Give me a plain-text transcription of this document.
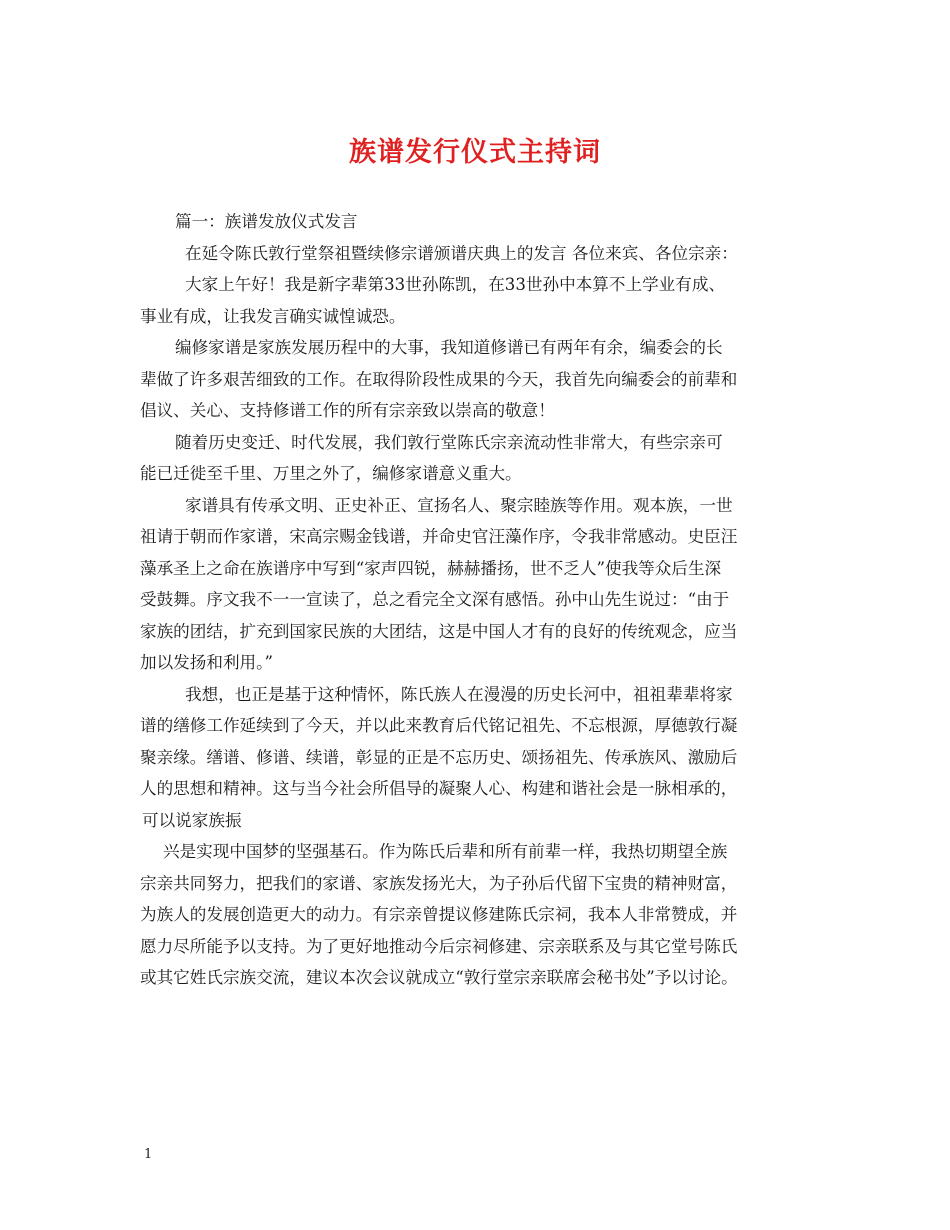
族谱发行仪式主持词
篇一：族谱发放仪式发言
在延令陈氏敦行堂祭祖暨续修宗谱颁谱庆典上的发言 各位来宾、各位宗亲：
大家上午好！我是新字辈第33世孙陈凯，在33世孙中本算不上学业有成、
事业有成，让我发言确实诚惶诚恐。
编修家谱是家族发展历程中的大事，我知道修谱已有两年有余，编委会的长
辈做了许多艰苦细致的工作。在取得阶段性成果的今天，我首先向编委会的前辈和
倡议、关心、支持修谱工作的所有宗亲致以崇高的敬意！
随着历史变迁、时代发展，我们敦行堂陈氏宗亲流动性非常大，有些宗亲可
能已迁徙至千里、万里之外了，编修家谱意义重大。
家谱具有传承文明、正史补正、宣扬名人、聚宗睦族等作用。观本族，一世
祖请于朝而作家谱，宋高宗赐金钱谱，并命史官汪藻作序，令我非常感动。史臣汪
藻承圣上之命在族谱序中写到“家声四锐，赫赫播扬，世不乏人”使我等众后生深
受鼓舞。序文我不一一宣读了，总之看完全文深有感悟。孙中山先生说过：“由于
家族的团结，扩充到国家民族的大团结，这是中国人才有的良好的传统观念，应当
加以发扬和利用。”
我想，也正是基于这种情怀，陈氏族人在漫漫的历史长河中，祖祖辈辈将家
谱的缮修工作延续到了今天，并以此来教育后代铭记祖先、不忘根源，厚德敦行凝
聚亲缘。缮谱、修谱、续谱，彰显的正是不忘历史、颂扬祖先、传承族风、激励后
人的思想和精神。这与当今社会所倡导的凝聚人心、构建和谐社会是一脉相承的，
可以说家族振
兴是实现中国梦的坚强基石。作为陈氏后辈和所有前辈一样，我热切期望全族
宗亲共同努力，把我们的家谱、家族发扬光大，为子孙后代留下宝贵的精神财富，
为族人的发展创造更大的动力。有宗亲曾提议修建陈氏宗祠，我本人非常赞成，并
愿力尽所能予以支持。为了更好地推动今后宗祠修建、宗亲联系及与其它堂号陈氏
或其它姓氏宗族交流，建议本次会议就成立“敦行堂宗亲联席会秘书处”予以讨论。
1
